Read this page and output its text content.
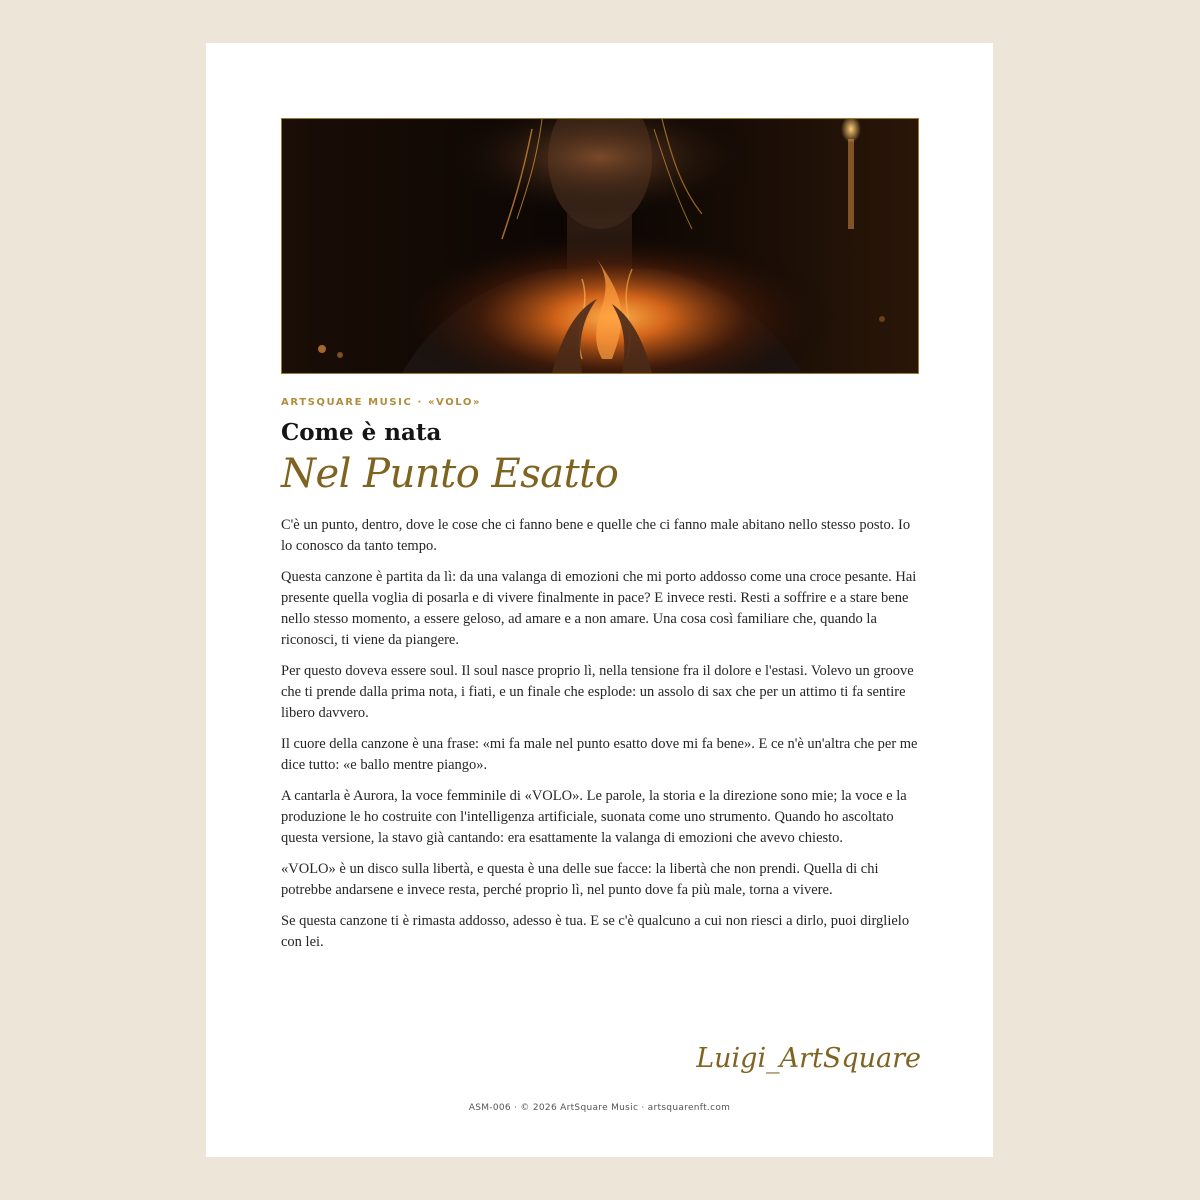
ARTSQUARE MUSIC · «VOLO»
Come è nata
Nel Punto Esatto

C'è un punto, dentro, dove le cose che ci fanno bene e quelle che ci fanno male abitano nello stesso posto. Io lo conosco da tanto tempo.

Questa canzone è partita da lì: da una valanga di emozioni che mi porto addosso come una croce pesante. Hai presente quella voglia di posarla e di vivere finalmente in pace? E invece resti. Resti a soffrire e a stare bene nello stesso momento, a essere geloso, ad amare e a non amare. Una cosa così familiare che, quando la riconosci, ti viene da piangere.

Per questo doveva essere soul. Il soul nasce proprio lì, nella tensione fra il dolore e l'estasi. Volevo un groove che ti prende dalla prima nota, i fiati, e un finale che esplode: un assolo di sax che per un attimo ti fa sentire libero davvero.

Il cuore della canzone è una frase: «mi fa male nel punto esatto dove mi fa bene». E ce n'è un'altra che per me dice tutto: «e ballo mentre piango».

A cantarla è Aurora, la voce femminile di «VOLO». Le parole, la storia e la direzione sono mie; la voce e la produzione le ho costruite con l'intelligenza artificiale, suonata come uno strumento. Quando ho ascoltato questa versione, la stavo già cantando: era esattamente la valanga di emozioni che avevo chiesto.

«VOLO» è un disco sulla libertà, e questa è una delle sue facce: la libertà che non prendi. Quella di chi potrebbe andarsene e invece resta, perché proprio lì, nel punto dove fa più male, torna a vivere.

Se questa canzone ti è rimasta addosso, adesso è tua. E se c'è qualcuno a cui non riesci a dirlo, puoi dirglielo con lei.

Luigi_ArtSquare
ASM-006 · © 2026 ArtSquare Music · artsquarenft.com
